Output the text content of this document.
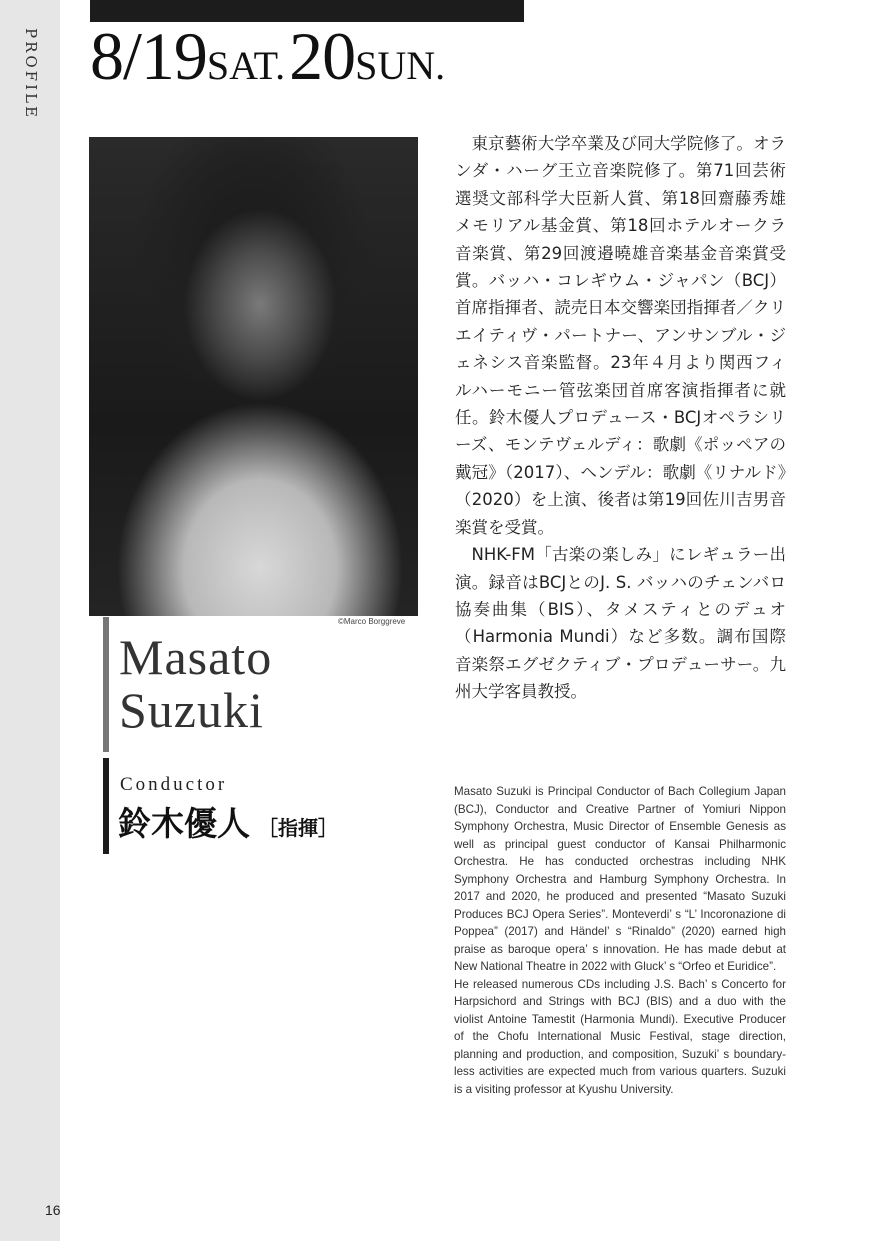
PROFILE
16
8/19SAT. 20SUN.
©Marco Borggreve
Masato
Suzuki
Conductor
鈴木優人 ［指揮］

東京藝術大学卒業及び同大学院修了。オランダ・ハーグ王立音楽院修了。第71回芸術選奨文部科学大臣新人賞、第18回齋藤秀雄メモリアル基金賞、第18回ホテルオークラ音楽賞、第29回渡邉曉雄音楽基金音楽賞受賞。バッハ・コレギウム・ジャパン（BCJ）首席指揮者、読売日本交響楽団指揮者／クリエイティヴ・パートナー、アンサンブル・ジェネシス音楽監督。23年４月より関西フィルハーモニー管弦楽団首席客演指揮者に就任。鈴木優人プロデュース・BCJオペラシリーズ、モンテヴェルディ：歌劇《ポッペアの戴冠》（2017）、ヘンデル：歌劇《リナルド》（2020）を上演、後者は第19回佐川吉男音楽賞を受賞。

NHK-FM「古楽の楽しみ」にレギュラー出演。録音はBCJとのJ. S. バッハのチェンバロ協奏曲集（BIS）、タメスティとのデュオ（Harmonia Mundi）など多数。調布国際音楽祭エグゼクティブ・プロデューサー。九州大学客員教授。

Masato Suzuki is Principal Conductor of Bach Collegium Japan (BCJ), Conductor and Creative Partner of Yomiuri Nippon Symphony Orchestra, Music Director of Ensemble Genesis as well as principal guest conductor of Kansai Philharmonic Orchestra. He has conducted orchestras including NHK Symphony Orchestra and Hamburg Symphony Orchestra. In 2017 and 2020, he produced and presented “Masato Suzuki Produces BCJ Opera Series”. Monteverdi’ s “L’ Incoronazione di Poppea” (2017) and Händel’ s “Rinaldo” (2020) earned high praise as baroque opera’ s innovation. He has made debut at New National Theatre in 2022 with Gluck’ s “Orfeo et Euridice”.

He released numerous CDs including J.S. Bach’ s Concerto for Harpsichord and Strings with BCJ (BIS) and a duo with the violist Antoine Tamestit (Harmonia Mundi). Executive Producer of the Chofu International Music Festival, stage direction, planning and production, and composition, Suzuki’ s boundary-less activities are expected much from various quarters. Suzuki is a visiting professor at Kyushu University.
